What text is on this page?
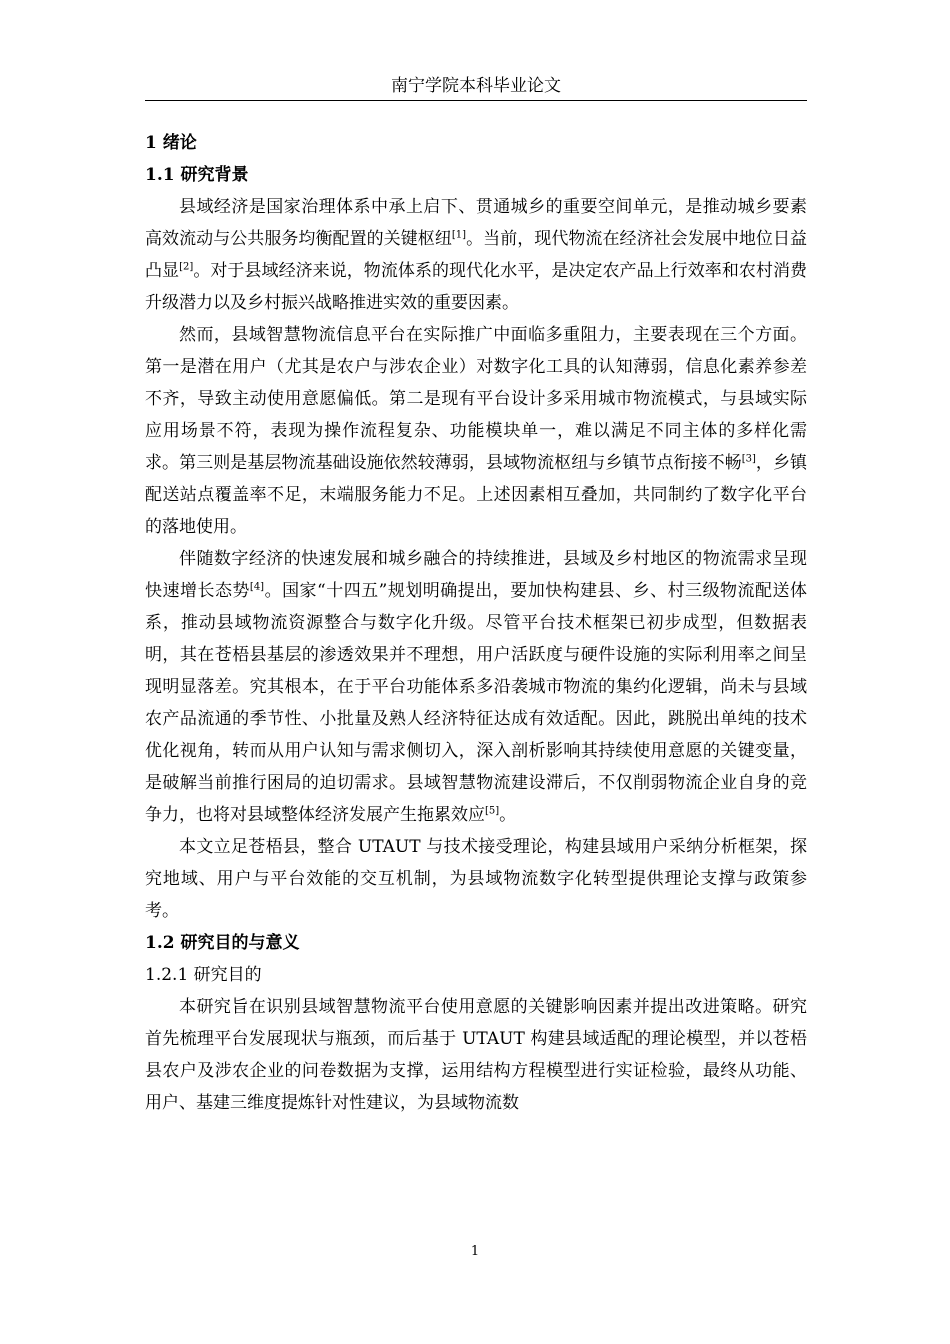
南宁学院本科毕业论文

1 绪论

1.1 研究背景

县域经济是国家治理体系中承上启下、贯通城乡的重要空间单元，是推动城乡要素高效流动与公共服务均衡配置的关键枢纽[1]。当前，现代物流在经济社会发展中地位日益凸显[2]。对于县域经济来说，物流体系的现代化水平，是决定农产品上行效率和农村消费升级潜力以及乡村振兴战略推进实效的重要因素。

然而，县域智慧物流信息平台在实际推广中面临多重阻力，主要表现在三个方面。第一是潜在用户（尤其是农户与涉农企业）对数字化工具的认知薄弱，信息化素养参差不齐，导致主动使用意愿偏低。第二是现有平台设计多采用城市物流模式，与县域实际应用场景不符，表现为操作流程复杂、功能模块单一，难以满足不同主体的多样化需求。第三则是基层物流基础设施依然较薄弱，县域物流枢纽与乡镇节点衔接不畅[3]，乡镇配送站点覆盖率不足，末端服务能力不足。上述因素相互叠加，共同制约了数字化平台的落地使用。

伴随数字经济的快速发展和城乡融合的持续推进，县域及乡村地区的物流需求呈现快速增长态势[4]。国家“十四五”规划明确提出，要加快构建县、乡、村三级物流配送体系，推动县域物流资源整合与数字化升级。尽管平台技术框架已初步成型，但数据表明，其在苍梧县基层的渗透效果并不理想，用户活跃度与硬件设施的实际利用率之间呈现明显落差。究其根本，在于平台功能体系多沿袭城市物流的集约化逻辑，尚未与县域农产品流通的季节性、小批量及熟人经济特征达成有效适配。因此，跳脱出单纯的技术优化视角，转而从用户认知与需求侧切入，深入剖析影响其持续使用意愿的关键变量，是破解当前推行困局的迫切需求。县域智慧物流建设滞后，不仅削弱物流企业自身的竞争力，也将对县域整体经济发展产生拖累效应[5]。

本文立足苍梧县，整合 UTAUT 与技术接受理论，构建县域用户采纳分析框架，探究地域、用户与平台效能的交互机制，为县域物流数字化转型提供理论支撑与政策参考。

1.2 研究目的与意义

1.2.1 研究目的

本研究旨在识别县域智慧物流平台使用意愿的关键影响因素并提出改进策略。研究首先梳理平台发展现状与瓶颈，而后基于 UTAUT 构建县域适配的理论模型，并以苍梧县农户及涉农企业的问卷数据为支撑，运用结构方程模型进行实证检验，最终从功能、用户、基建三维度提炼针对性建议，为县域物流数

1
